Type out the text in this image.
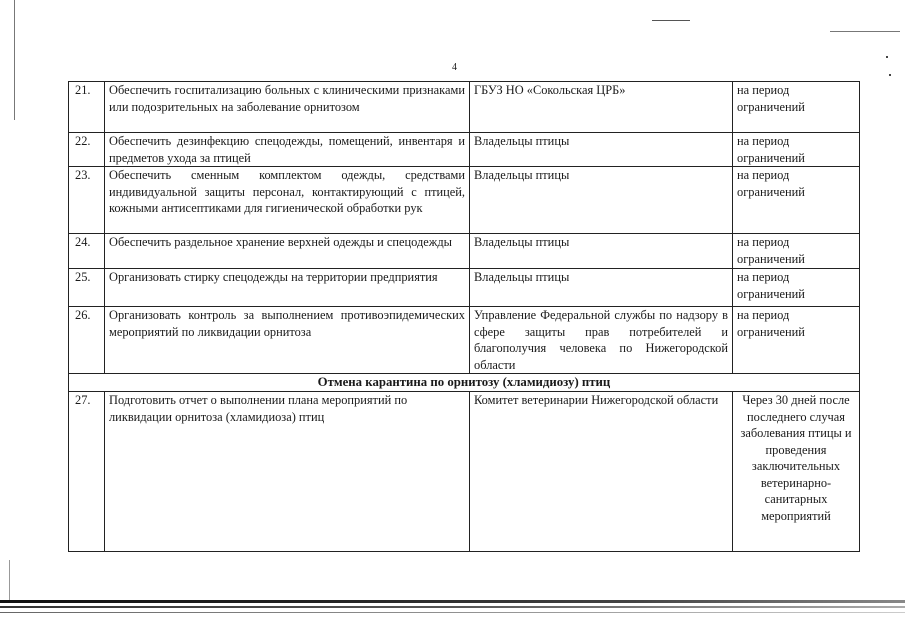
4
21.	Обеспечить госпитализацию больных с клиническими признаками или подозрительных на заболевание орнитозом	ГБУЗ НО «Сокольская ЦРБ»	на период ограничений
22.	Обеспечить дезинфекцию спецодежды, помещений, инвентаря и предметов ухода за птицей	Владельцы птицы	на период ограничений
23.	Обеспечить сменным комплектом одежды, средствами индивидуальной защиты персонал, контактирующий с птицей, кожными антисептиками для гигиенической обработки рук	Владельцы птицы	на период ограничений
24.	Обеспечить раздельное хранение верхней одежды и спецодежды	Владельцы птицы	на период ограничений
25.	Организовать стирку спецодежды на территории предприятия	Владельцы птицы	на период ограничений
26.	Организовать контроль за выполнением противоэпидемических мероприятий по ликвидации орнитоза	Управление Федеральной службы по надзору в сфере защиты прав потребителей и благополучия человека по Нижегородской области	на период ограничений
Отмена карантина по орнитозу (хламидиозу) птиц			
27.	Подготовить отчет о выполнении плана мероприятий по ликвидации орнитоза (хламидиоза) птиц	Комитет ветеринарии Нижегородской области	Через 30 дней после последнего случая заболевания птицы и проведения заключительных ветеринарно-санитарных мероприятий
